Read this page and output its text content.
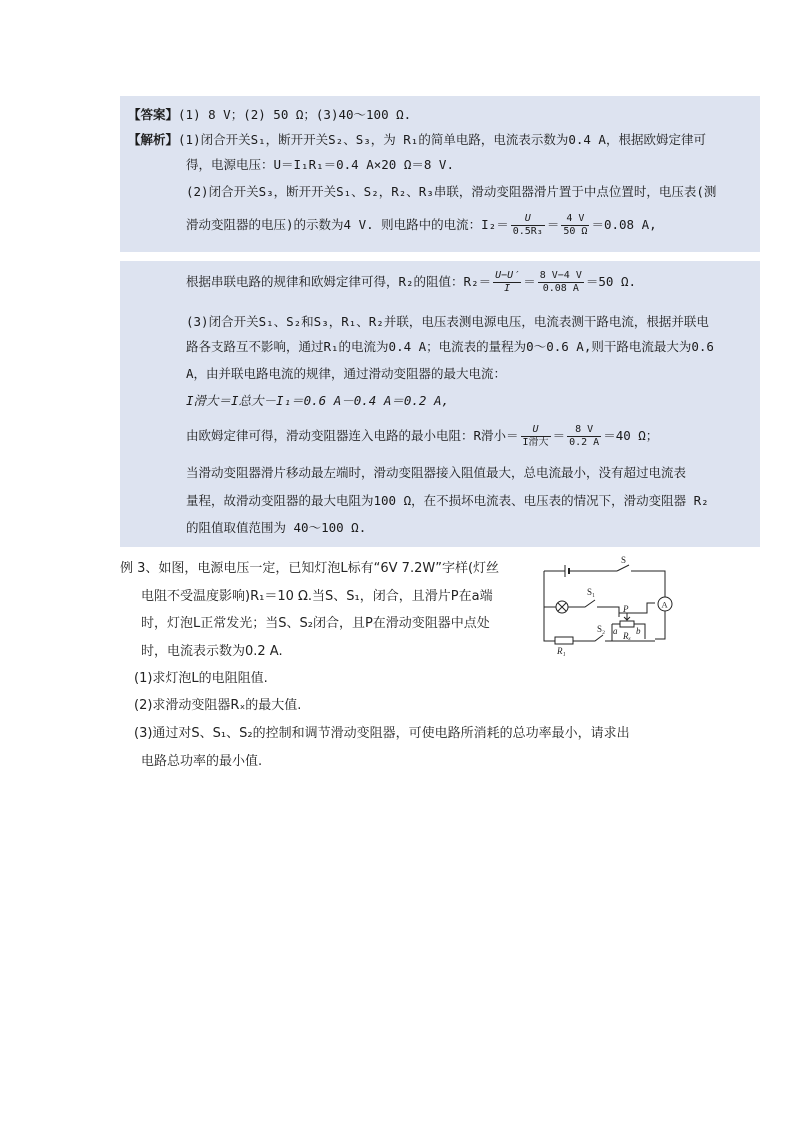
【答案】(1) 8 V；(2) 50 Ω；(3)40～100 Ω.
【解析】(1)闭合开关S₁，断开开关S₂、S₃，为 R₁的简单电路，电流表示数为0.4 A，根据欧姆定律可
得，电源电压：U＝I₁R₁＝0.4 A×20 Ω＝8 V.
(2)闭合开关S₃，断开开关S₁、S₂，R₂、R₃串联，滑动变阻器滑片置于中点位置时，电压表(测
滑动变阻器的电压)的示数为4 V. 则电路中的电流：$I_2= \frac{U}{\text{0.5R₃}} = \frac{4 V}{50 \Omega} =0.08$ A,
根据串联电路的规律和欧姆定律可得，R₂的阻值：$R_2= \frac{U-U'}{I} = \frac{8 V-4 V}{0.08 A} =50$ Ω.
(3)闭合开关S₁、S₂和S₃，R₁、R₂并联，电压表测电源电压，电流表测干路电流，根据并联电
路各支路互不影响，通过R₁的电流为0.4 A；电流表的量程为0～0.6 A,则干路电流最大为0.6
A，由并联电路电流的规律，通过滑动变阻器的最大电流：
I滑大＝I总大－I₁＝0.6 A－0.4 A＝0.2 A,
由欧姆定律可得，滑动变阻器连入电路的最小电阻：R滑小＝ $\frac{U}{\text{I滑大}} = \frac{8 V}{0.2 A} =40$ Ω；
当滑动变阻器滑片移动最左端时，滑动变阻器接入阻值最大，总电流最小，没有超过电流表
量程，故滑动变阻器的最大电阻为100 Ω，在不损坏电流表、电压表的情况下，滑动变阻器 R₂
的阻值取值范围为 40～100 Ω.
例 3、如图，电源电压一定，已知灯泡L标有“6V 7.2W”字样(灯丝
电阻不受温度影响)R₁＝10 Ω.当S、S₁，闭合，且滑片P在a端
时，灯泡L正常发光；当S、S₂闭合，且P在滑动变阻器中点处
时，电流表示数为0.2 A.
(1)求灯泡L的电阻阻值.
(2)求滑动变阻器Rₓ的最大值.
(3)通过对S、S₁、S₂的控制和调节滑动变阻器，可使电路所消耗的总功率最小，请求出
电路总功率的最小值.
S
S₁
S₂
P
a b
Rₓ
R₁
A
